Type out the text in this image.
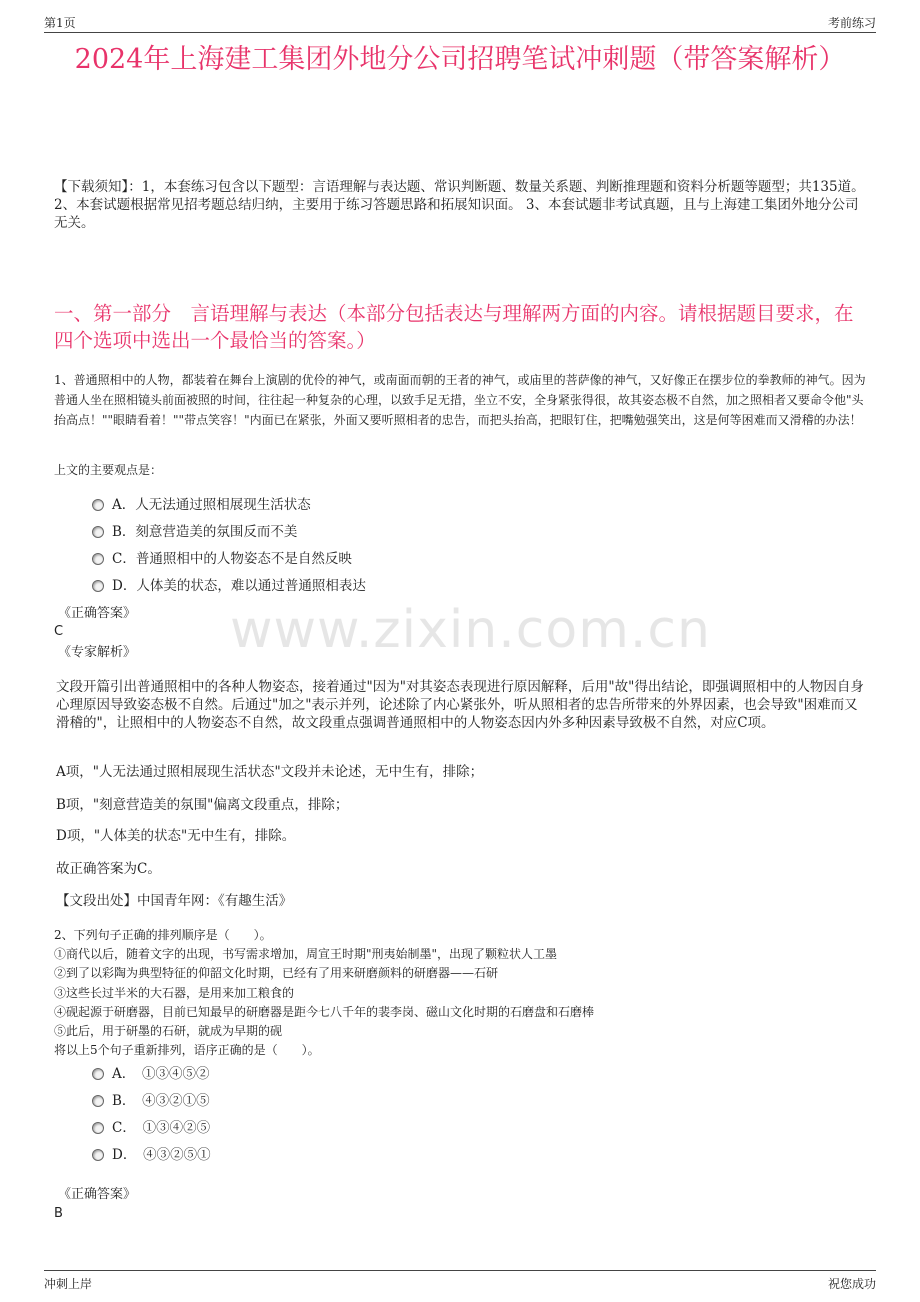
第1页	考前练习
2024年上海建工集团外地分公司招聘笔试冲刺题（带答案解析）
【下载须知】：1，本套练习包含以下题型：言语理解与表达题、常识判断题、数量关系题、判断推理题和资料分析题等题型；共135道。 2、本套试题根据常见招考题总结归纳，主要用于练习答题思路和拓展知识面。 3、本套试题非考试真题，且与上海建工集团外地分公司无关。
一、第一部分　言语理解与表达（本部分包括表达与理解两方面的内容。请根据题目要求，在四个选项中选出一个最恰当的答案。）
www.zixin.com.cn
1、普通照相中的人物，都装着在舞台上演剧的优伶的神气，或南面而朝的王者的神气，或庙里的菩萨像的神气，又好像正在摆步位的拳教师的神气。因为普通人坐在照相镜头前面被照的时间，往往起一种复杂的心理，以致手足无措，坐立不安，全身紧张得很，故其姿态极不自然，加之照相者又要命令他"头抬高点！""眼睛看着！""带点笑容！"内面已在紧张，外面又要听照相者的忠告，而把头抬高，把眼钉住，把嘴勉强笑出，这是何等困难而又滑稽的办法！
上文的主要观点是：
A．人无法通过照相展现生活状态
B．刻意营造美的氛围反而不美
C．普通照相中的人物姿态不是自然反映
D．人体美的状态，难以通过普通照相表达
《正确答案》
C
《专家解析》
文段开篇引出普通照相中的各种人物姿态，接着通过"因为"对其姿态表现进行原因解释，后用"故"得出结论，即强调照相中的人物因自身心理原因导致姿态极不自然。后通过"加之"表示并列，论述除了内心紧张外，听从照相者的忠告所带来的外界因素，也会导致"困难而又滑稽的"，让照相中的人物姿态不自然，故文段重点强调普通照相中的人物姿态因内外多种因素导致极不自然，对应C项。
A项，"人无法通过照相展现生活状态"文段并未论述，无中生有，排除；
B项，"刻意营造美的氛围"偏离文段重点，排除；
D项，"人体美的状态"无中生有，排除。
故正确答案为C。
【文段出处】中国青年网：《有趣生活》
2、下列句子正确的排列顺序是（　　）。
①商代以后，随着文字的出现，书写需求增加，周宣王时期"刑夷始制墨"，出现了颗粒状人工墨
②到了以彩陶为典型特征的仰韶文化时期，已经有了用来研磨颜料的研磨器——石研
③这些长过半米的大石器，是用来加工粮食的
④砚起源于研磨器，目前已知最早的研磨器是距今七八千年的裴李岗、磁山文化时期的石磨盘和石磨棒
⑤此后，用于研墨的石研，就成为早期的砚
将以上5个句子重新排列，语序正确的是（　　）。
A．　①③④⑤②
B．　④③②①⑤
C．　①③④②⑤
D．　④③②⑤①
《正确答案》
B
冲刺上岸	祝您成功
